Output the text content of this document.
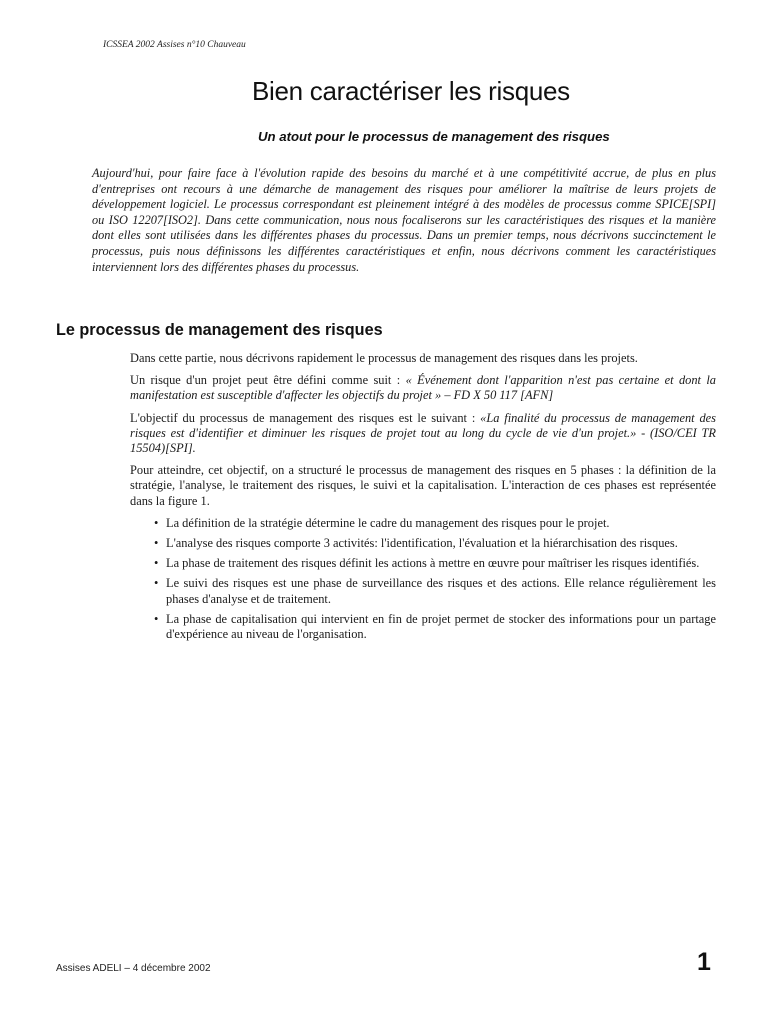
ICSSEA 2002 Assises n°10 Chauveau
Bien caractériser les risques
Un atout pour le processus de management des risques

Aujourd'hui, pour faire face à l'évolution rapide des besoins du marché et à une compétitivité accrue, de plus en plus d'entreprises ont recours à une démarche de management des risques pour améliorer la maîtrise de leurs projets de développement logiciel. Le processus correspondant est pleinement intégré à des modèles de processus comme SPICE[SPI] ou ISO 12207[ISO2]. Dans cette communication, nous nous focaliserons sur les caractéristiques des risques et la manière dont elles sont utilisées dans les différentes phases du processus. Dans un premier temps, nous décrivons succinctement le processus, puis nous définissons les différentes caractéristiques et enfin, nous décrivons comment les caractéristiques interviennent lors des différentes phases du processus.

Le processus de management des risques

Dans cette partie, nous décrivons rapidement le processus de management des risques dans les projets.

Un risque d'un projet peut être défini comme suit : « Événement dont l'apparition n'est pas certaine et dont la manifestation est susceptible d'affecter les objectifs du projet » – FD X 50 117 [AFN]

L'objectif du processus de management des risques est le suivant : «La finalité du processus de management des risques est d'identifier et diminuer les risques de projet tout au long du cycle de vie d'un projet.» - (ISO/CEI TR 15504)[SPI].

Pour atteindre, cet objectif, on a structuré le processus de management des risques en 5 phases : la définition de la stratégie, l'analyse, le traitement des risques, le suivi et la capitalisation. L'interaction de ces phases est représentée dans la figure 1.

• La définition de la stratégie détermine le cadre du management des risques pour le projet.
• L'analyse des risques comporte 3 activités: l'identification, l'évaluation et la hiérarchisation des risques.
• La phase de traitement des risques définit les actions à mettre en œuvre pour maîtriser les risques identifiés.
• Le suivi des risques est une phase de surveillance des risques et des actions. Elle relance régulièrement les phases d'analyse et de traitement.
• La phase de capitalisation qui intervient en fin de projet permet de stocker des informations pour un partage d'expérience au niveau de l'organisation.
Assises ADELI – 4 décembre 2002	1
